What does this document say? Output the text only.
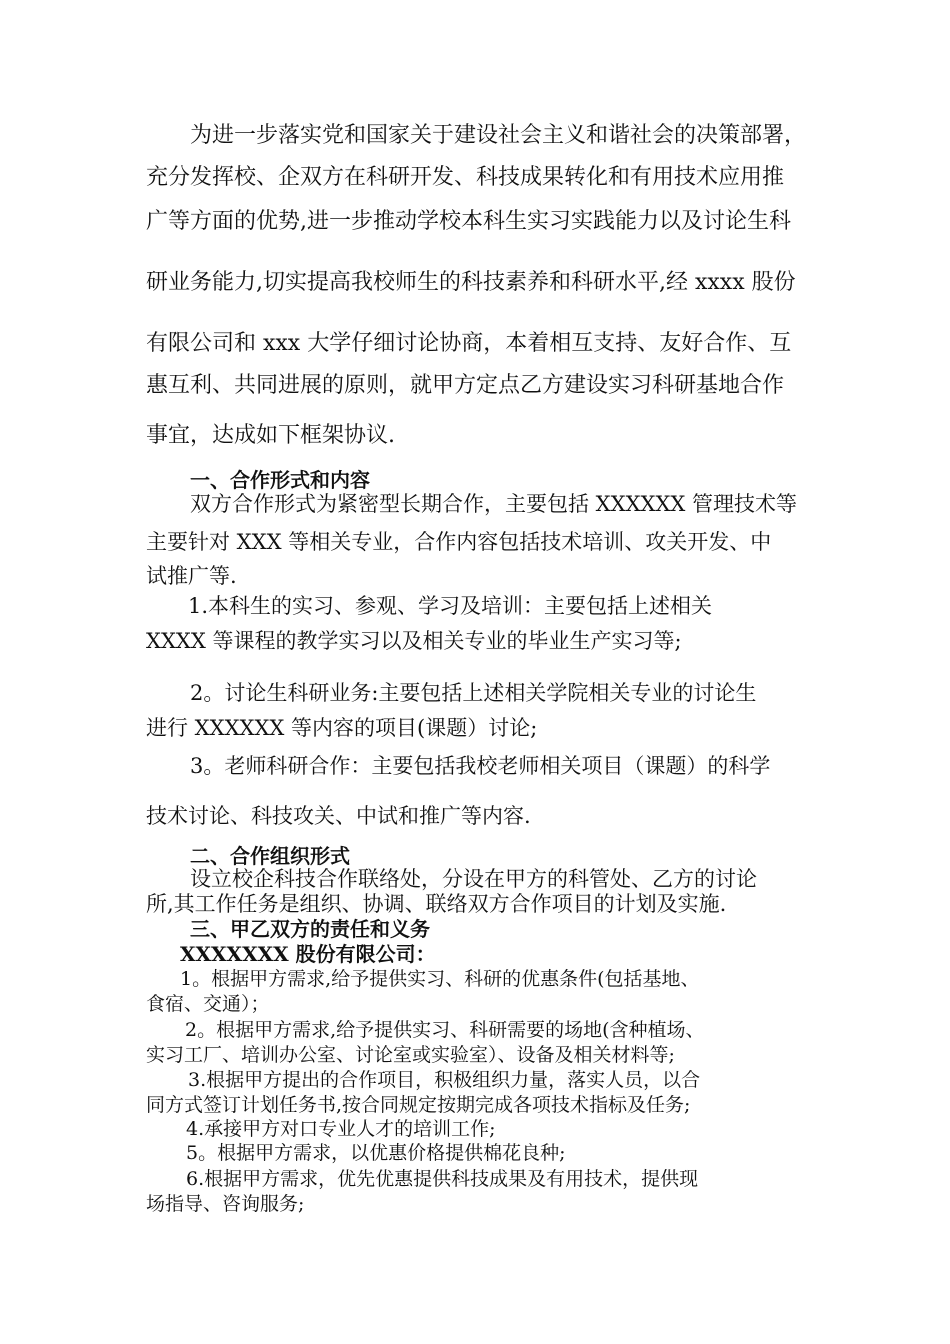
为进一步落实党和国家关于建设社会主义和谐社会的决策部署，

充分发挥校、企双方在科研开发、科技成果转化和有用技术应用推

广等方面的优势,进一步推动学校本科生实习实践能力以及讨论生科

研业务能力,切实提高我校师生的科技素养和科研水平,经 xxxx 股份

有限公司和 xxx 大学仔细讨论协商，本着相互支持、友好合作、互

惠互利、共同进展的原则，就甲方定点乙方建设实习科研基地合作

事宜，达成如下框架协议.

一、合作形式和内容

双方合作形式为紧密型长期合作，主要包括 XXXXXX 管理技术等

主要针对 XXX 等相关专业，合作内容包括技术培训、攻关开发、中

试推广等.

1.本科生的实习、参观、学习及培训：主要包括上述相关

XXXX 等课程的教学实习以及相关专业的毕业生产实习等;

2。讨论生科研业务:主要包括上述相关学院相关专业的讨论生

进行 XXXXXX 等内容的项目(课题）讨论;

3。老师科研合作：主要包括我校老师相关项目（课题）的科学

技术讨论、科技攻关、中试和推广等内容.

二、合作组织形式

设立校企科技合作联络处，分设在甲方的科管处、乙方的讨论

所,其工作任务是组织、协调、联络双方合作项目的计划及实施.

三、甲乙双方的责任和义务

XXXXXXX 股份有限公司：

1。根据甲方需求,给予提供实习、科研的优惠条件(包括基地、

食宿、交通）；

2。根据甲方需求,给予提供实习、科研需要的场地(含种植场、

实习工厂、培训办公室、讨论室或实验室）、设备及相关材料等;

3.根据甲方提出的合作项目，积极组织力量，落实人员，以合

同方式签订计划任务书,按合同规定按期完成各项技术指标及任务;

4.承接甲方对口专业人才的培训工作;

5。根据甲方需求，以优惠价格提供棉花良种;

6.根据甲方需求，优先优惠提供科技成果及有用技术，提供现

场指导、咨询服务;
